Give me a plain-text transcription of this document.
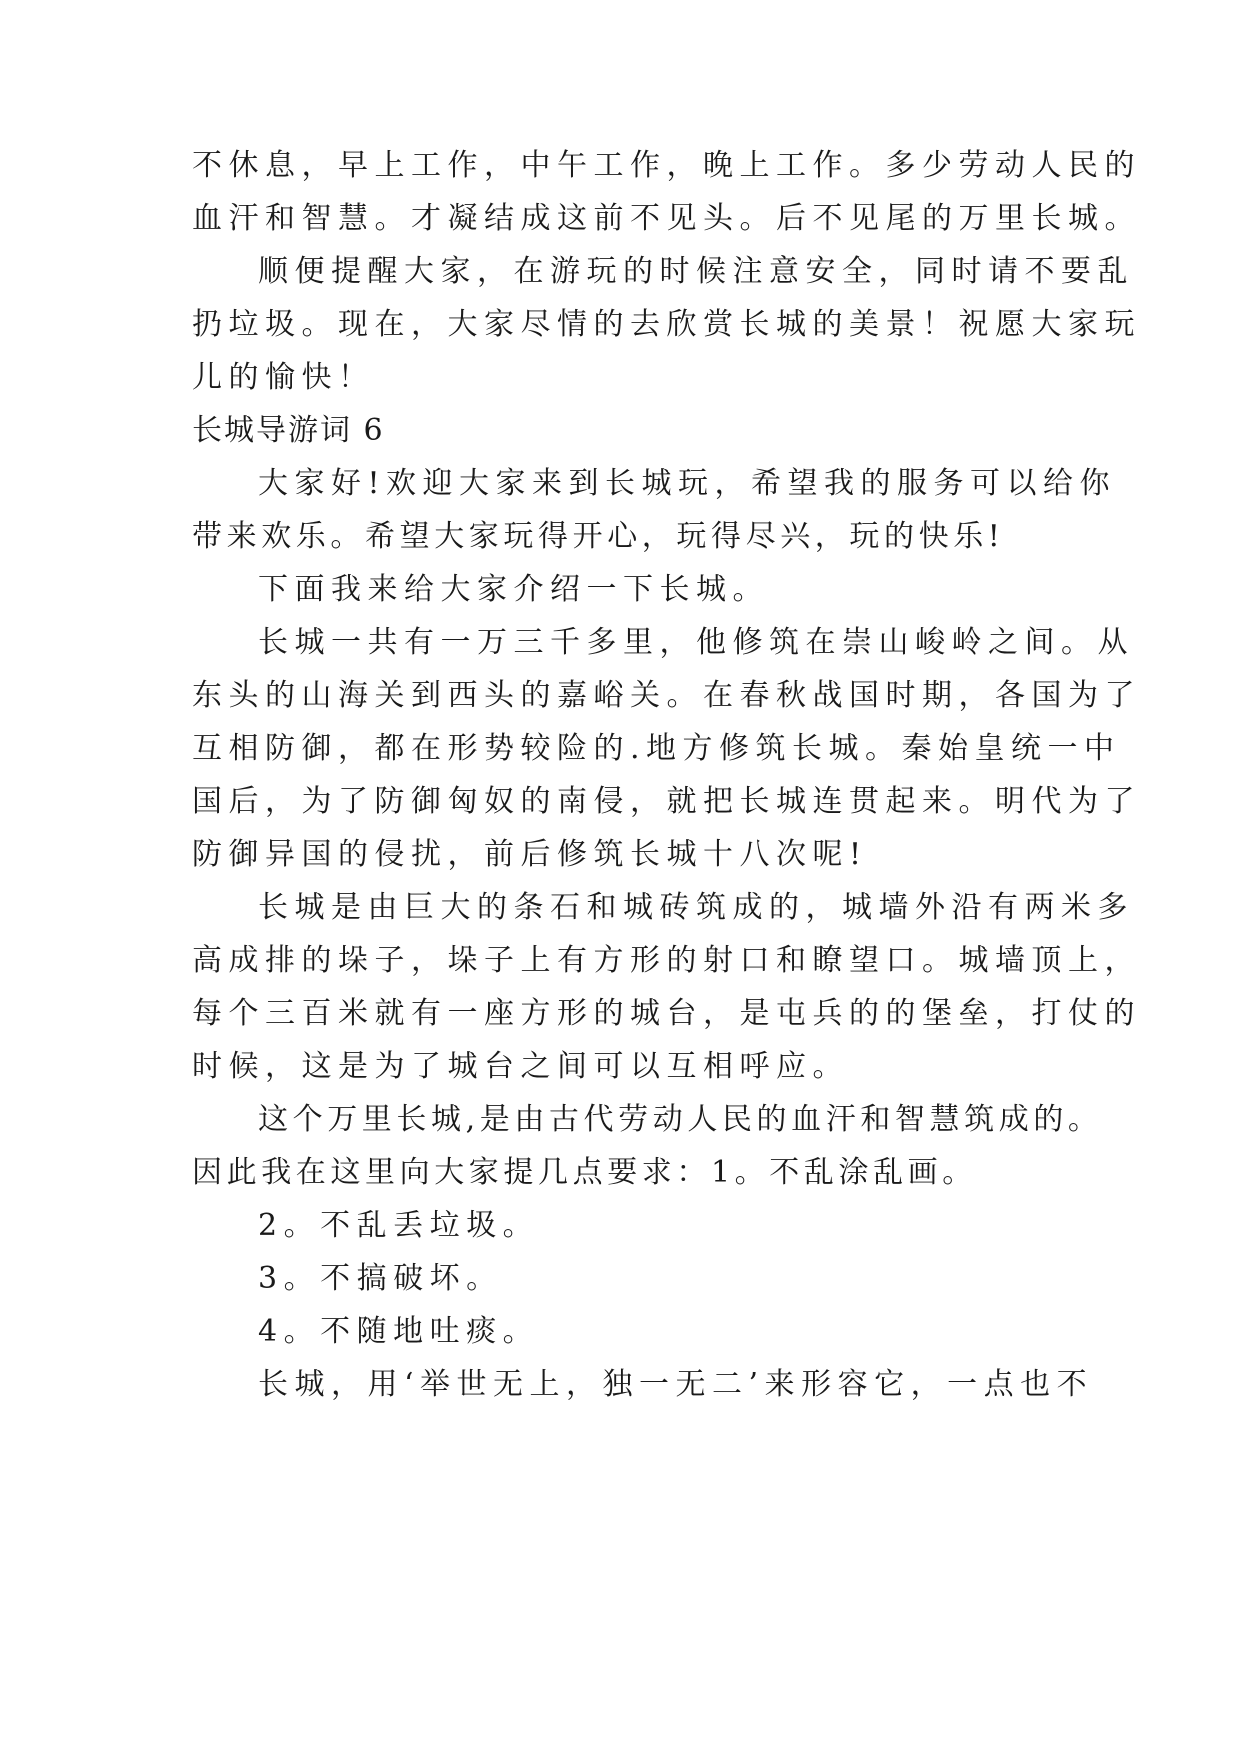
不休息，早上工作，中午工作，晚上工作。多少劳动人民的
血汗和智慧。才凝结成这前不见头。后不见尾的万里长城。
顺便提醒大家，在游玩的时候注意安全，同时请不要乱
扔垃圾。现在，大家尽情的去欣赏长城的美景！祝愿大家玩
儿的愉快！
长城导游词 6
大家好!欢迎大家来到长城玩，希望我的服务可以给你
带来欢乐。希望大家玩得开心，玩得尽兴，玩的快乐!
下面我来给大家介绍一下长城。
长城一共有一万三千多里，他修筑在崇山峻岭之间。从
东头的山海关到西头的嘉峪关。在春秋战国时期，各国为了
互相防御，都在形势较险的.地方修筑长城。秦始皇统一中
国后，为了防御匈奴的南侵，就把长城连贯起来。明代为了
防御异国的侵扰，前后修筑长城十八次呢!
长城是由巨大的条石和城砖筑成的，城墙外沿有两米多
高成排的垛子，垛子上有方形的射口和瞭望口。城墙顶上，
每个三百米就有一座方形的城台，是屯兵的的堡垒，打仗的
时候，这是为了城台之间可以互相呼应。
这个万里长城,是由古代劳动人民的血汗和智慧筑成的。
因此我在这里向大家提几点要求：1。不乱涂乱画。
2。不乱丢垃圾。
3。不搞破坏。
4。不随地吐痰。
长城，用‘举世无上，独一无二’来形容它，一点也不
